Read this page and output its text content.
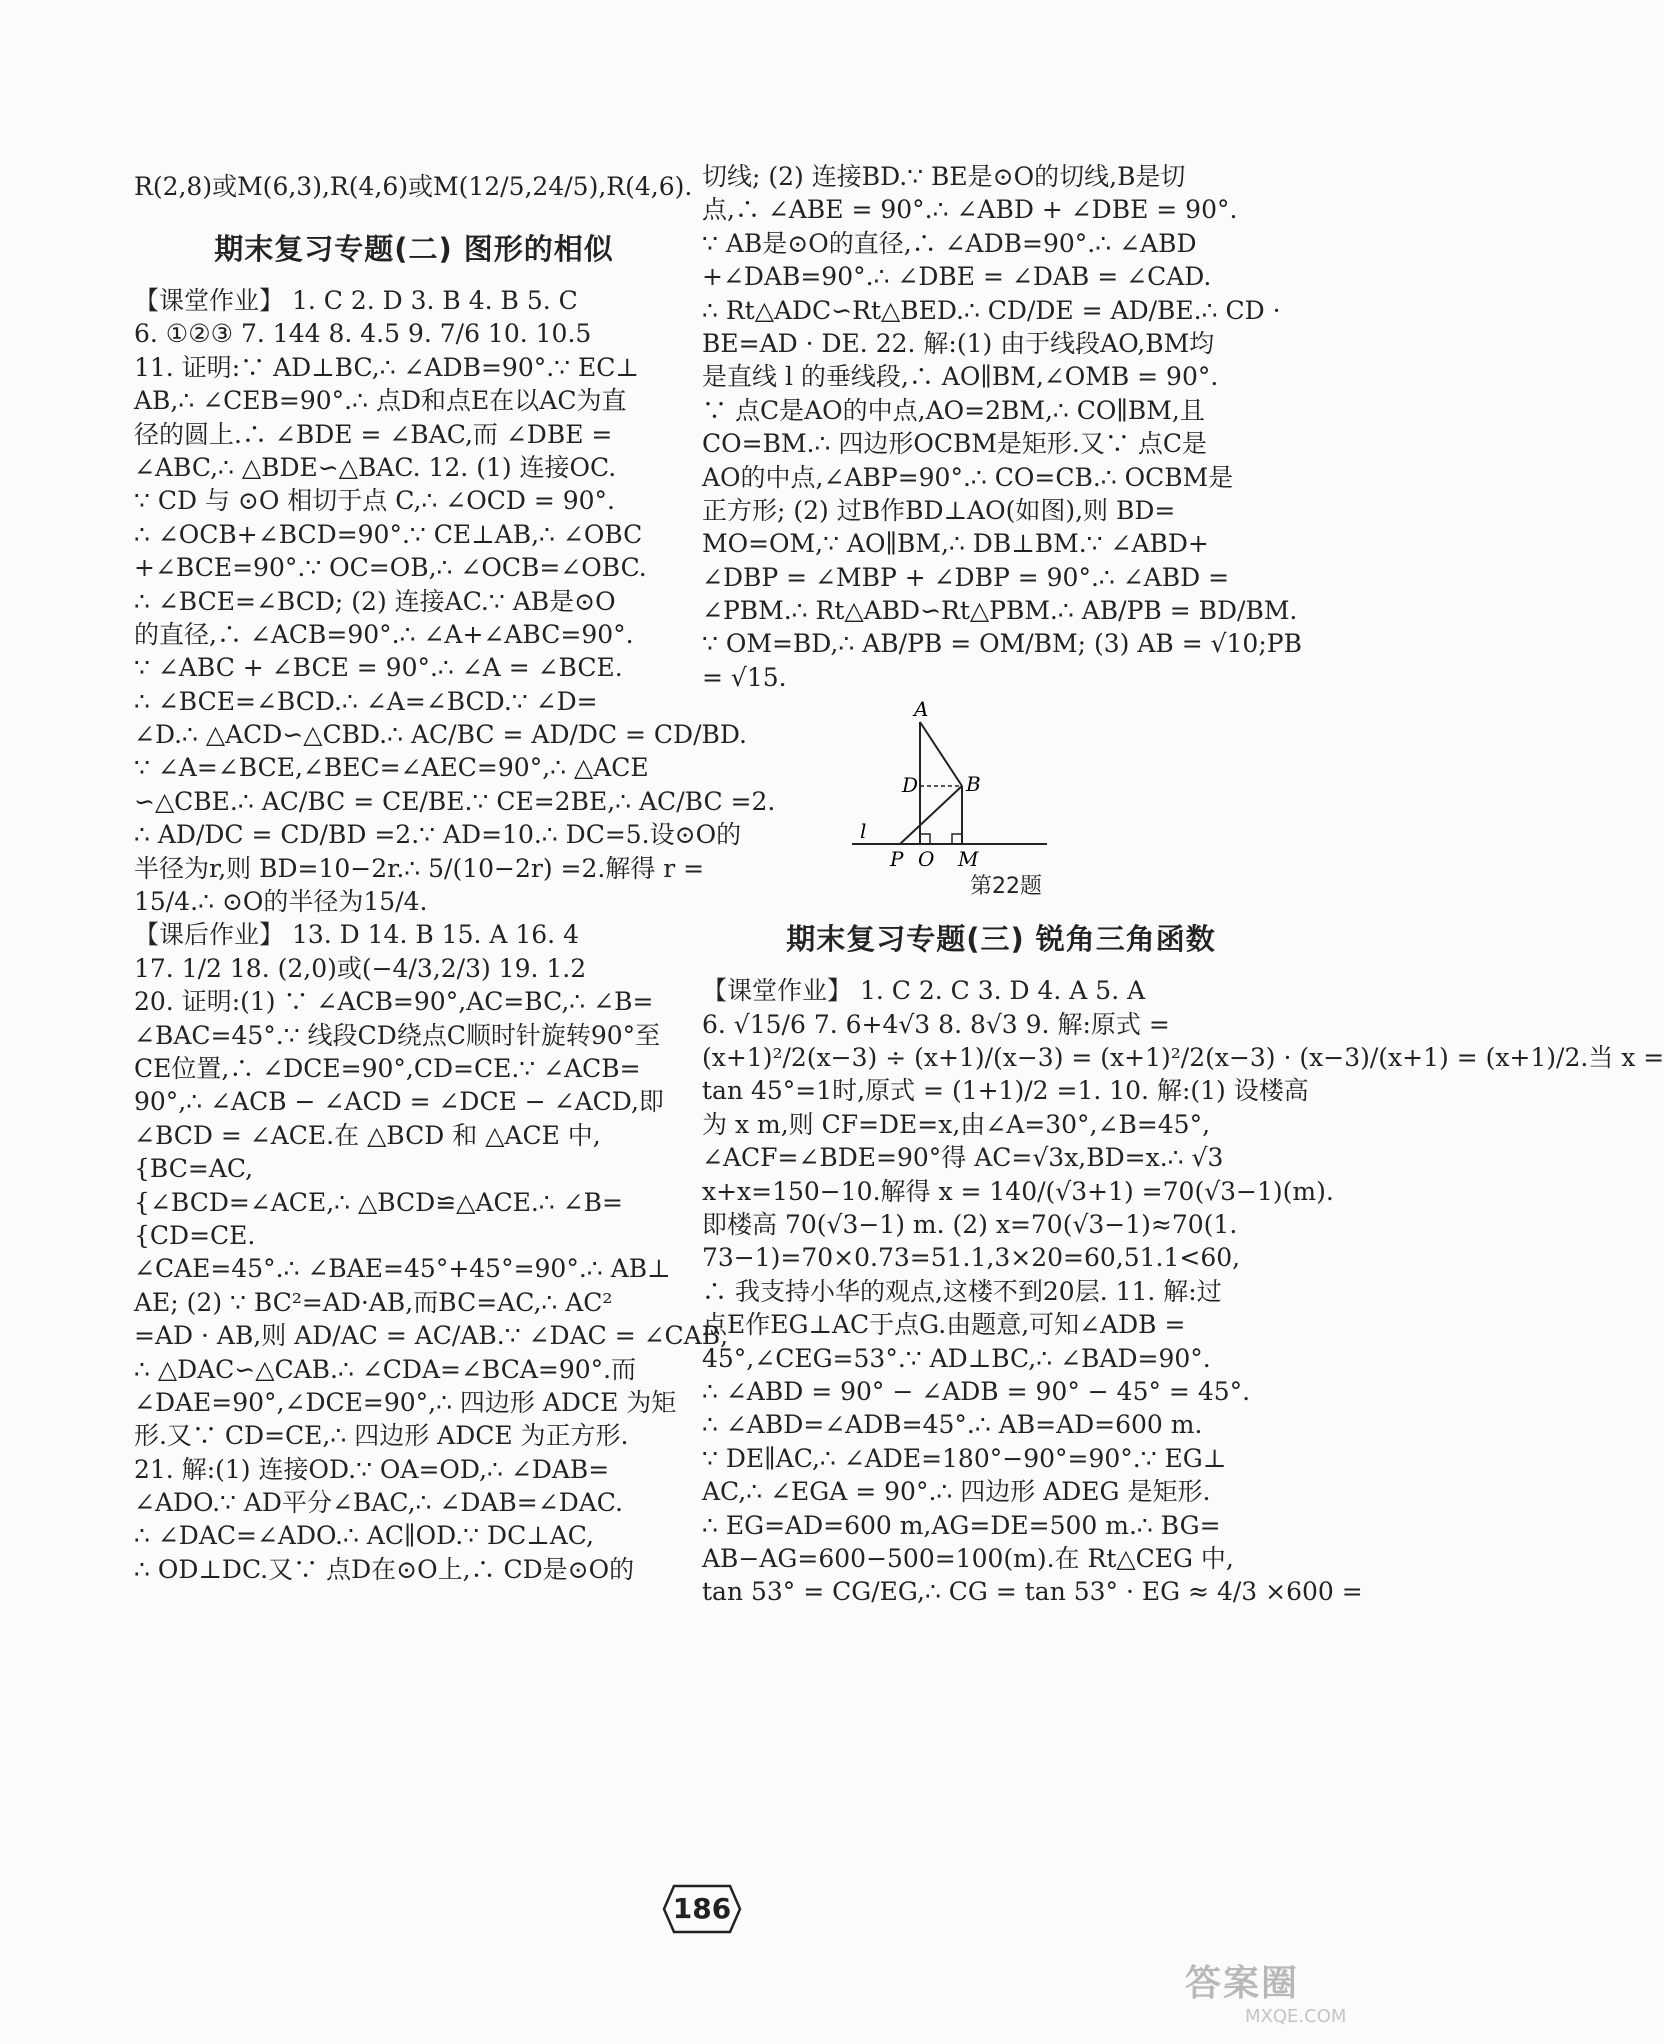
R(2,8)或M(6,3),R(4,6)或M(12/5,24/5),R(4,6).
期末复习专题(二) 图形的相似
【课堂作业】 1. C 2. D 3. B 4. B 5. C
6. ①②③ 7. 144 8. 4.5 9. 7/6 10. 10.5
11. 证明:∵ AD⊥BC,∴ ∠ADB=90°.∵ EC⊥
AB,∴ ∠CEB=90°.∴ 点D和点E在以AC为直
径的圆上.∴ ∠BDE = ∠BAC,而 ∠DBE =
∠ABC,∴ △BDE∽△BAC. 12. (1) 连接OC.
∵ CD 与 ⊙O 相切于点 C,∴ ∠OCD = 90°.
∴ ∠OCB+∠BCD=90°.∵ CE⊥AB,∴ ∠OBC
+∠BCE=90°.∵ OC=OB,∴ ∠OCB=∠OBC.
∴ ∠BCE=∠BCD; (2) 连接AC.∵ AB是⊙O
的直径,∴ ∠ACB=90°.∴ ∠A+∠ABC=90°.
∵ ∠ABC + ∠BCE = 90°.∴ ∠A = ∠BCE.
∴ ∠BCE=∠BCD.∴ ∠A=∠BCD.∵ ∠D=
∠D.∴ △ACD∽△CBD.∴ AC/BC = AD/DC = CD/BD.
∵ ∠A=∠BCE,∠BEC=∠AEC=90°,∴ △ACE
∽△CBE.∴ AC/BC = CE/BE.∵ CE=2BE,∴ AC/BC =2.
∴ AD/DC = CD/BD =2.∵ AD=10.∴ DC=5.设⊙O的
半径为r,则 BD=10−2r.∴ 5/(10−2r) =2.解得 r =
15/4.∴ ⊙O的半径为15/4.
【课后作业】 13. D 14. B 15. A 16. 4
17. 1/2 18. (2,0)或(−4/3,2/3) 19. 1.2
20. 证明:(1) ∵ ∠ACB=90°,AC=BC,∴ ∠B=
∠BAC=45°.∵ 线段CD绕点C顺时针旋转90°至
CE位置,∴ ∠DCE=90°,CD=CE.∵ ∠ACB=
90°,∴ ∠ACB − ∠ACD = ∠DCE − ∠ACD,即
∠BCD = ∠ACE.在 △BCD 和 △ACE 中,
{BC=AC,
{∠BCD=∠ACE,∴ △BCD≌△ACE.∴ ∠B=
{CD=CE.
∠CAE=45°.∴ ∠BAE=45°+45°=90°.∴ AB⊥
AE; (2) ∵ BC²=AD·AB,而BC=AC,∴ AC²
=AD · AB,则 AD/AC = AC/AB.∵ ∠DAC = ∠CAB,
∴ △DAC∽△CAB.∴ ∠CDA=∠BCA=90°.而
∠DAE=90°,∠DCE=90°,∴ 四边形 ADCE 为矩
形.又∵ CD=CE,∴ 四边形 ADCE 为正方形.
21. 解:(1) 连接OD.∵ OA=OD,∴ ∠DAB=
∠ADO.∵ AD平分∠BAC,∴ ∠DAB=∠DAC.
∴ ∠DAC=∠ADO.∴ AC∥OD.∵ DC⊥AC,
∴ OD⊥DC.又∵ 点D在⊙O上,∴ CD是⊙O的
切线; (2) 连接BD.∵ BE是⊙O的切线,B是切
点,∴ ∠ABE = 90°.∴ ∠ABD + ∠DBE = 90°.
∵ AB是⊙O的直径,∴ ∠ADB=90°.∴ ∠ABD
+∠DAB=90°.∴ ∠DBE = ∠DAB = ∠CAD.
∴ Rt△ADC∽Rt△BED.∴ CD/DE = AD/BE.∴ CD ·
BE=AD · DE. 22. 解:(1) 由于线段AO,BM均
是直线 l 的垂线段,∴ AO∥BM,∠OMB = 90°.
∵ 点C是AO的中点,AO=2BM,∴ CO∥BM,且
CO=BM.∴ 四边形OCBM是矩形.又∵ 点C是
AO的中点,∠ABP=90°.∴ CO=CB.∴ OCBM是
正方形; (2) 过B作BD⊥AO(如图),则 BD=
MO=OM,∵ AO∥BM,∴ DB⊥BM.∵ ∠ABD+
∠DBP = ∠MBP + ∠DBP = 90°.∴ ∠ABD =
∠PBM.∴ Rt△ABD∽Rt△PBM.∴ AB/PB = BD/BM.
∵ OM=BD,∴ AB/PB = OM/BM; (3) AB = √10;PB
= √15.
A
B
D
l
P O M
第22题
期末复习专题(三) 锐角三角函数
【课堂作业】 1. C 2. C 3. D 4. A 5. A
6. √15/6 7. 6+4√3 8. 8√3 9. 解:原式 =
(x+1)²/2(x−3) ÷ (x+1)/(x−3) = (x+1)²/2(x−3) · (x−3)/(x+1) = (x+1)/2.当 x =
tan 45°=1时,原式 = (1+1)/2 =1. 10. 解:(1) 设楼高
为 x m,则 CF=DE=x,由∠A=30°,∠B=45°,
∠ACF=∠BDE=90°得 AC=√3x,BD=x.∴ √3
x+x=150−10.解得 x = 140/(√3+1) =70(√3−1)(m).
即楼高 70(√3−1) m. (2) x=70(√3−1)≈70(1.
73−1)=70×0.73=51.1,3×20=60,51.1<60,
∴ 我支持小华的观点,这楼不到20层. 11. 解:过
点E作EG⊥AC于点G.由题意,可知∠ADB =
45°,∠CEG=53°.∵ AD⊥BC,∴ ∠BAD=90°.
∴ ∠ABD = 90° − ∠ADB = 90° − 45° = 45°.
∴ ∠ABD=∠ADB=45°.∴ AB=AD=600 m.
∵ DE∥AC,∴ ∠ADE=180°−90°=90°.∵ EG⊥
AC,∴ ∠EGA = 90°.∴ 四边形 ADEG 是矩形.
∴ EG=AD=600 m,AG=DE=500 m.∴ BG=
AB−AG=600−500=100(m).在 Rt△CEG 中,
tan 53° = CG/EG,∴ CG = tan 53° · EG ≈ 4/3 ×600 =
186
答案圈
MXQE.COM
